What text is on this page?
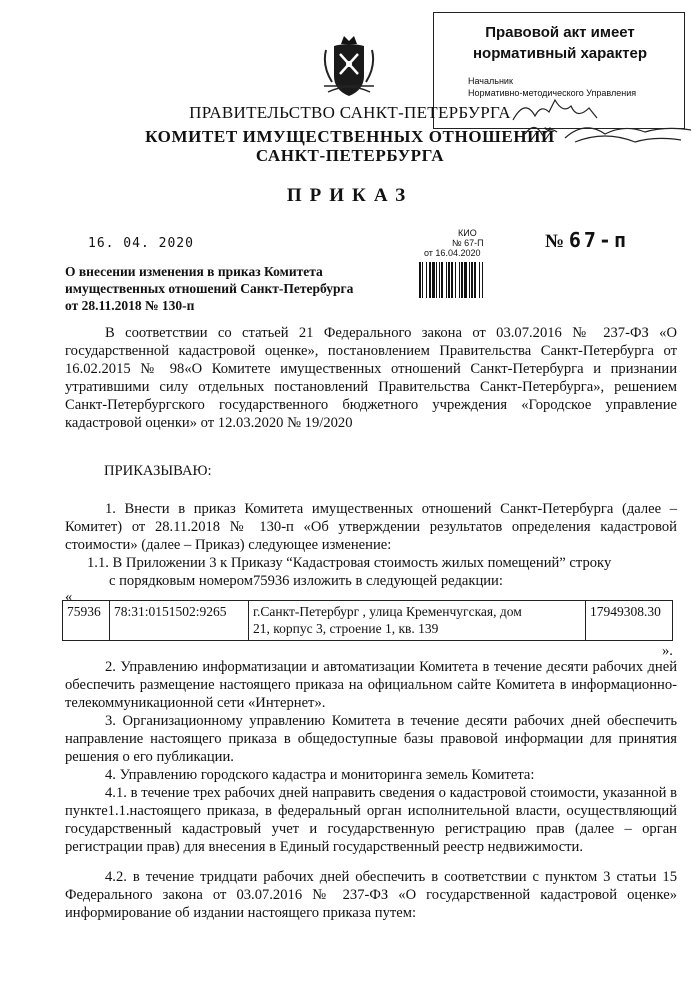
Правовой акт имеет
нормативный характер
Начальник
Нормативно-методического Управления
ПРАВИТЕЛЬСТВО САНКТ-ПЕТЕРБУРГА
КОМИТЕТ ИМУЩЕСТВЕННЫХ ОТНОШЕНИЙ
САНКТ-ПЕТЕРБУРГА
ПРИКАЗ
16. 04. 2020
КИО
№ 67-П
от 16.04.2020
№ 67-п
О внесении изменения в приказ Комитета
имущественных отношений Санкт-Петербурга
от 28.11.2018 № 130-п

В соответствии со статьей 21 Федерального закона от 03.07.2016 № 237-ФЗ «О государственной кадастровой оценке», постановлением Правительства Санкт-Петербурга от 16.02.2015 № 98«О Комитете имущественных отношений Санкт-Петербурга и признании утратившими силу отдельных постановлений Правительства Санкт-Петербурга», решением Санкт-Петербургского государственного бюджетного учреждения «Городское управление кадастровой оценки» от 12.03.2020 № 19/2020

ПРИКАЗЫВАЮ:

1. Внести в приказ Комитета имущественных отношений Санкт-Петербурга (далее – Комитет) от 28.11.2018 № 130-п «Об утверждении результатов определения кадастровой стоимости» (далее – Приказ) следующее изменение:

1.1. В Приложении 3 к Приказу “Кадастровая стоимость жилых помещений” строку

с порядковым номером75936 изложить в следующей редакции:

«

75936 78:31:0151502:9265	г.Санкт-Петербург , улица Кременчугская, дом
21, корпус 3, строение 1, кв. 139
17949308.30

».

2. Управлению информатизации и автоматизации Комитета в течение десяти рабочих дней обеспечить размещение настоящего приказа на официальном сайте Комитета в информационно-телекоммуникационной сети «Интернет».

3. Организационному управлению Комитета в течение десяти рабочих дней обеспечить направление настоящего приказа в общедоступные базы правовой информации для принятия решения о его публикации.

4. Управлению городского кадастра и мониторинга земель Комитета:

4.1. в течение трех рабочих дней направить сведения о кадастровой стоимости, указанной в пункте1.1.настоящего приказа, в федеральный орган исполнительной власти, осуществляющий государственный кадастровый учет и государственную регистрацию прав (далее – орган регистрации прав) для внесения в Единый государственный реестр недвижимости.

4.2. в течение тридцати рабочих дней обеспечить в соответствии с пунктом 3 статьи 15 Федерального закона от 03.07.2016 № 237-ФЗ «О государственной кадастровой оценке» информирование об издании настоящего приказа путем:
